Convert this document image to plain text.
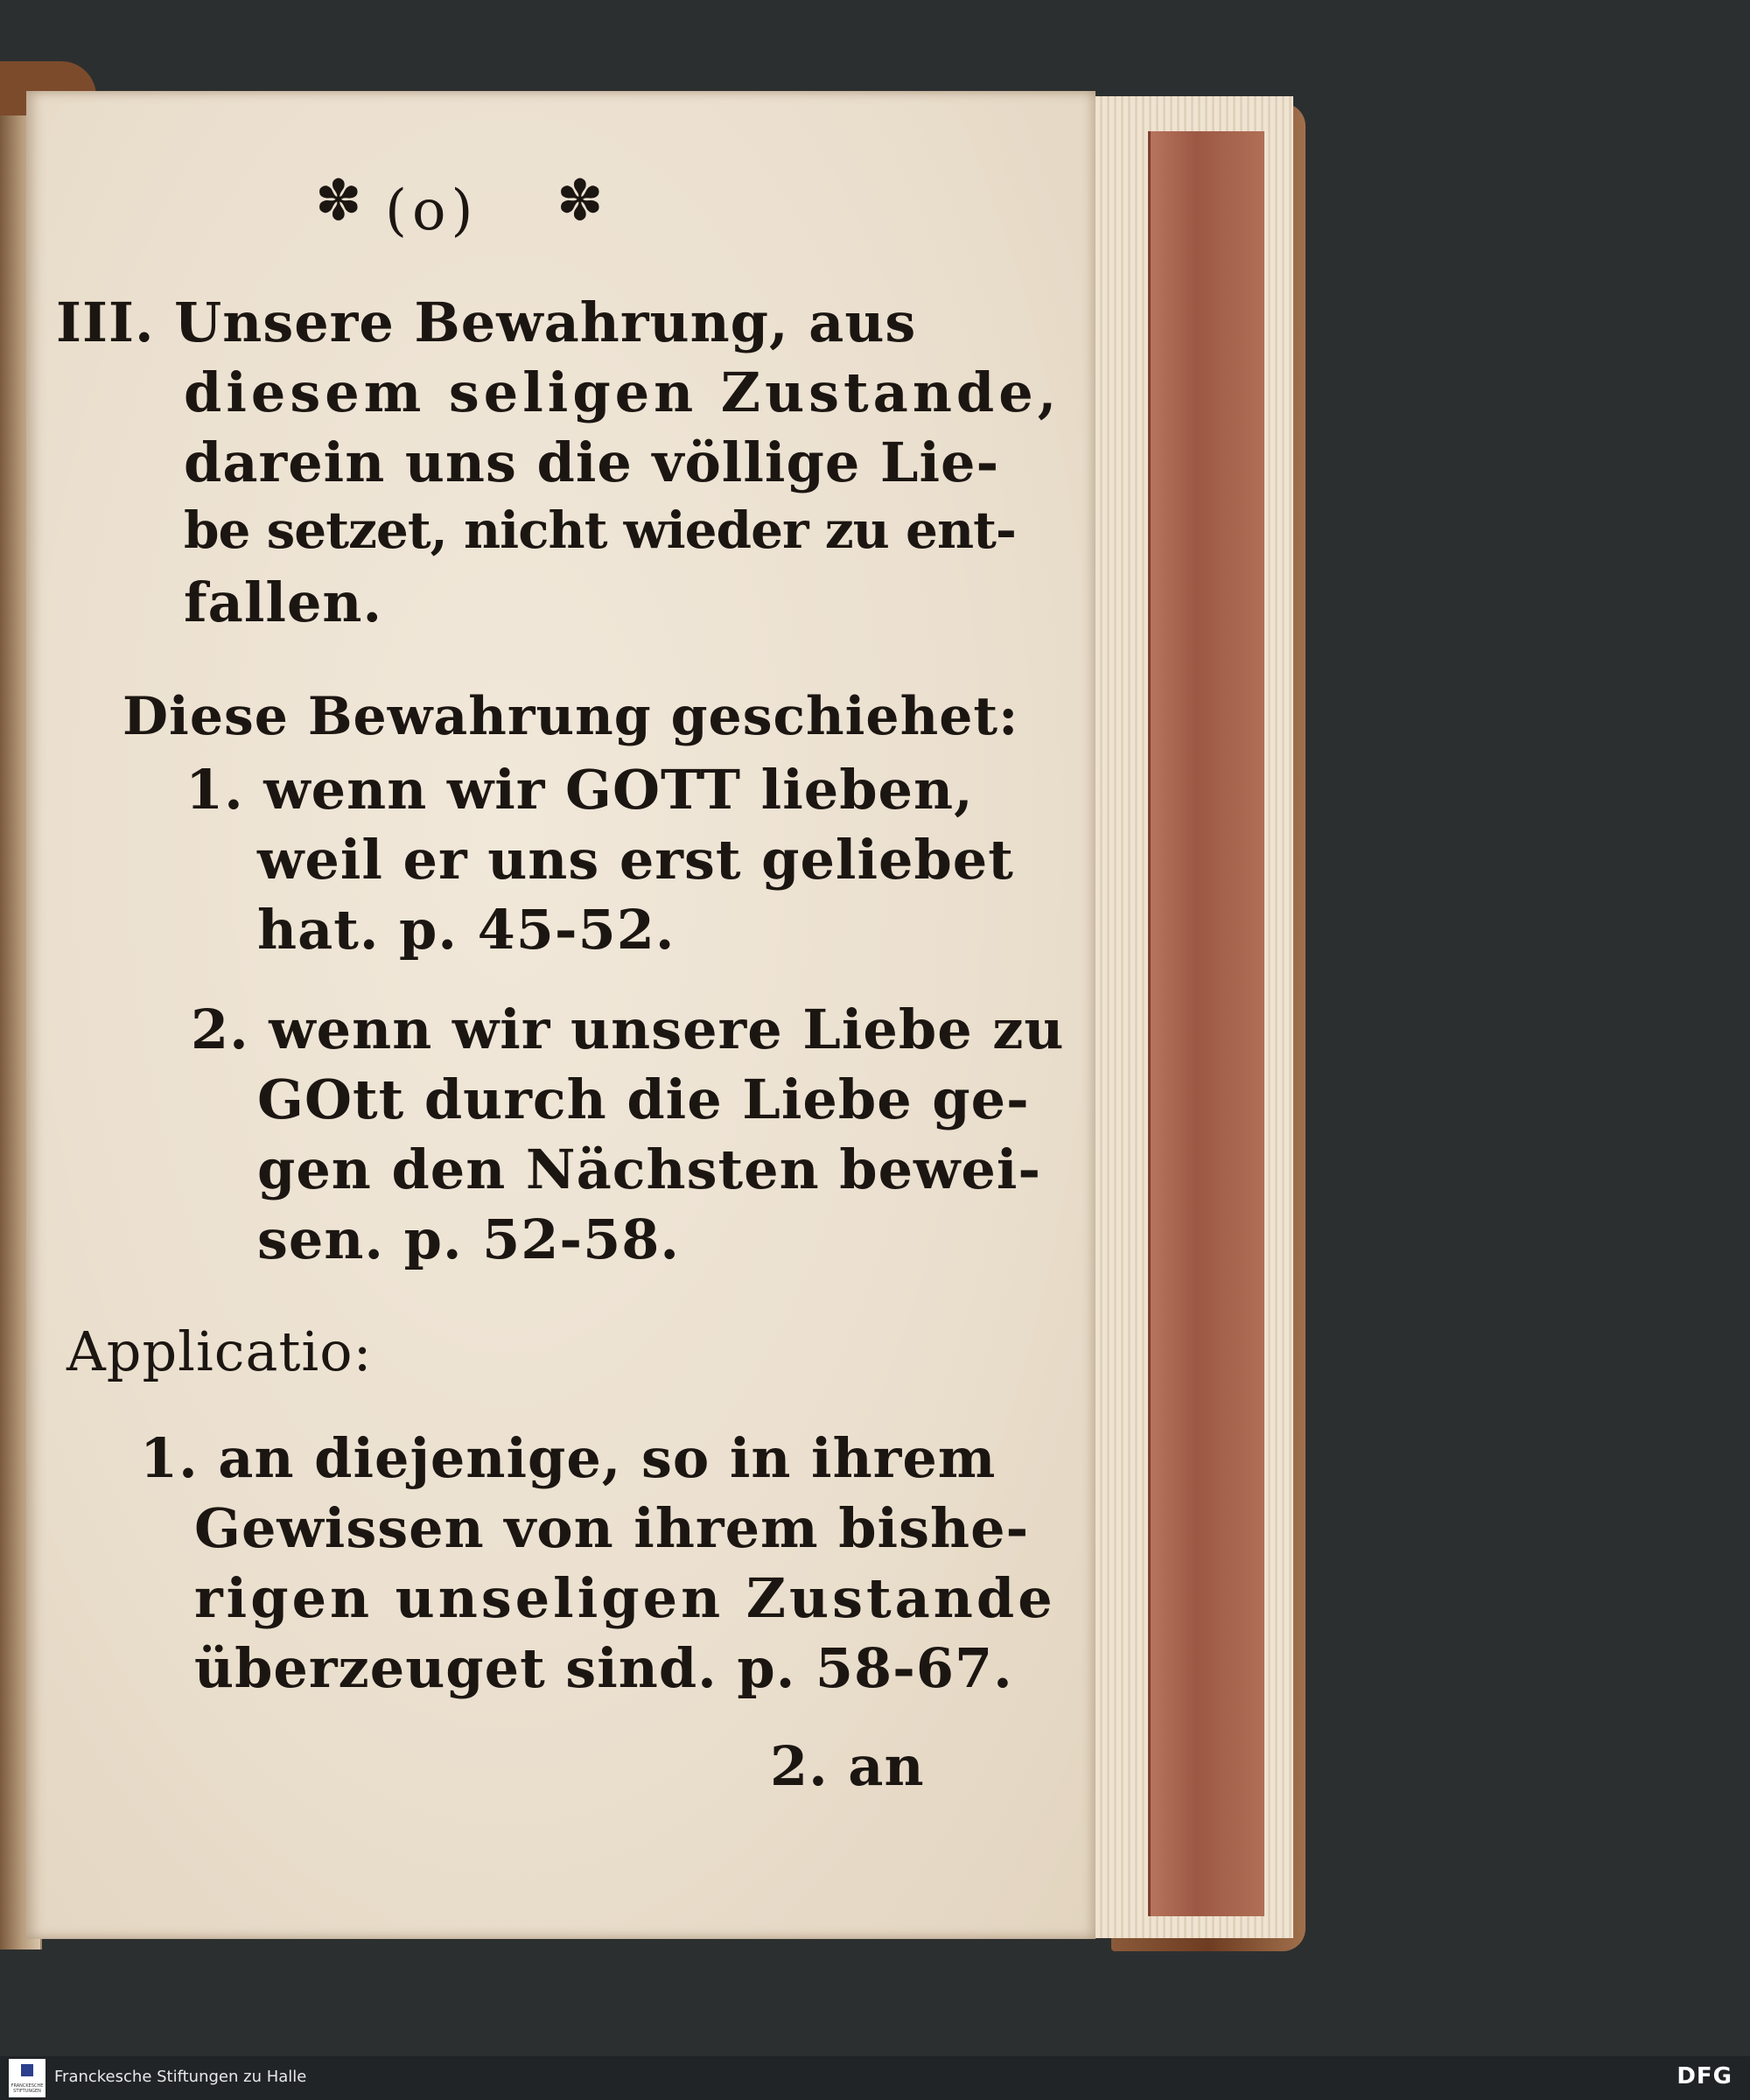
✽ (o) ✽
III. Unsere Bewahrung, aus
diesem seligen Zustande,
darein uns die völlige Lie-
be setzet, nicht wieder zu ent-
fallen.
Diese Bewahrung geschiehet:
1. wenn wir GOTT lieben,
weil er uns erst geliebet
hat. p. 45-52.
2. wenn wir unsere Liebe zu
GOtt durch die Liebe ge-
gen den Nächsten bewei-
sen. p. 52-58.
Applicatio:
1. an diejenige, so in ihrem
Gewissen von ihrem bishe-
rigen unseligen Zustande
überzeuget sind. p. 58-67.
2. an
FRANCKESCHE STIFTUNGEN
Franckesche Stiftungen zu Halle	DFG
